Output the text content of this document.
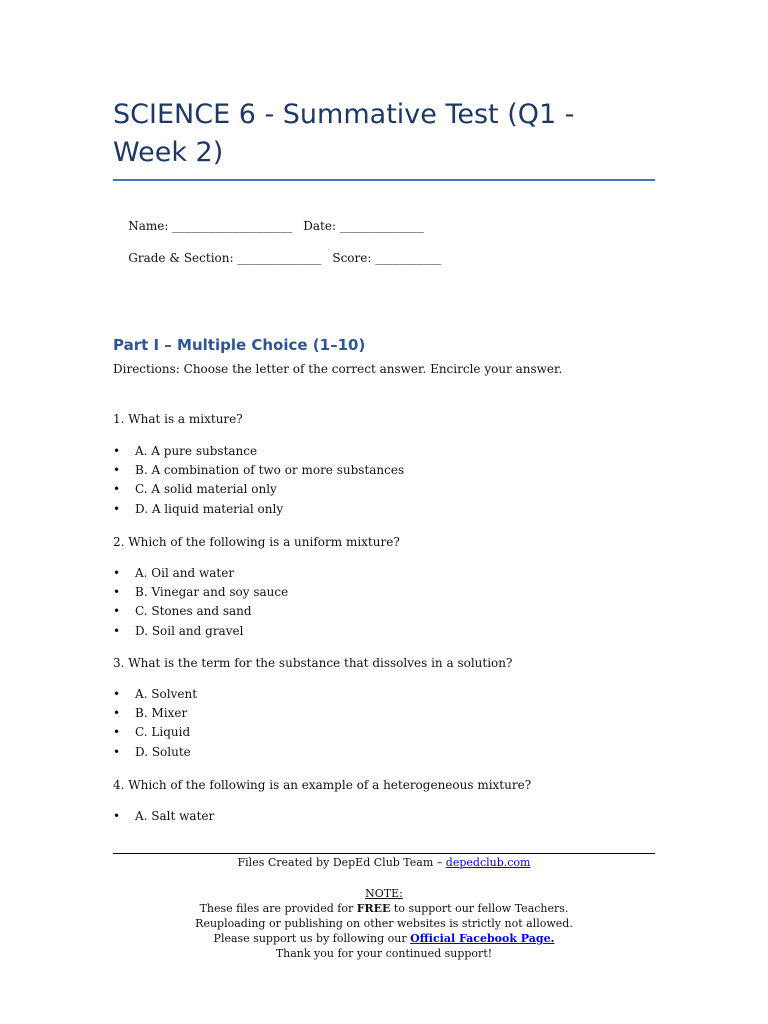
SCIENCE 6 - Summative Test (Q1 - Week 2)

Name: ____________________ Date: ______________

Grade & Section: ______________ Score: ___________

Part I – Multiple Choice (1–10)
Directions: Choose the letter of the correct answer. Encircle your answer.
1. What is a mixture?
• A. A pure substance
• B. A combination of two or more substances
• C. A solid material only
• D. A liquid material only
2. Which of the following is a uniform mixture?
• A. Oil and water
• B. Vinegar and soy sauce
• C. Stones and sand
• D. Soil and gravel
3. What is the term for the substance that dissolves in a solution?
• A. Solvent
• B. Mixer
• C. Liquid
• D. Solute
4. Which of the following is an example of a heterogeneous mixture?
• A. Salt water
Files Created by DepEd Club Team – depedclub.com
NOTE:
These files are provided for FREE to support our fellow Teachers.
Reuploading or publishing on other websites is strictly not allowed.
Please support us by following our Official Facebook Page.
Thank you for your continued support!
